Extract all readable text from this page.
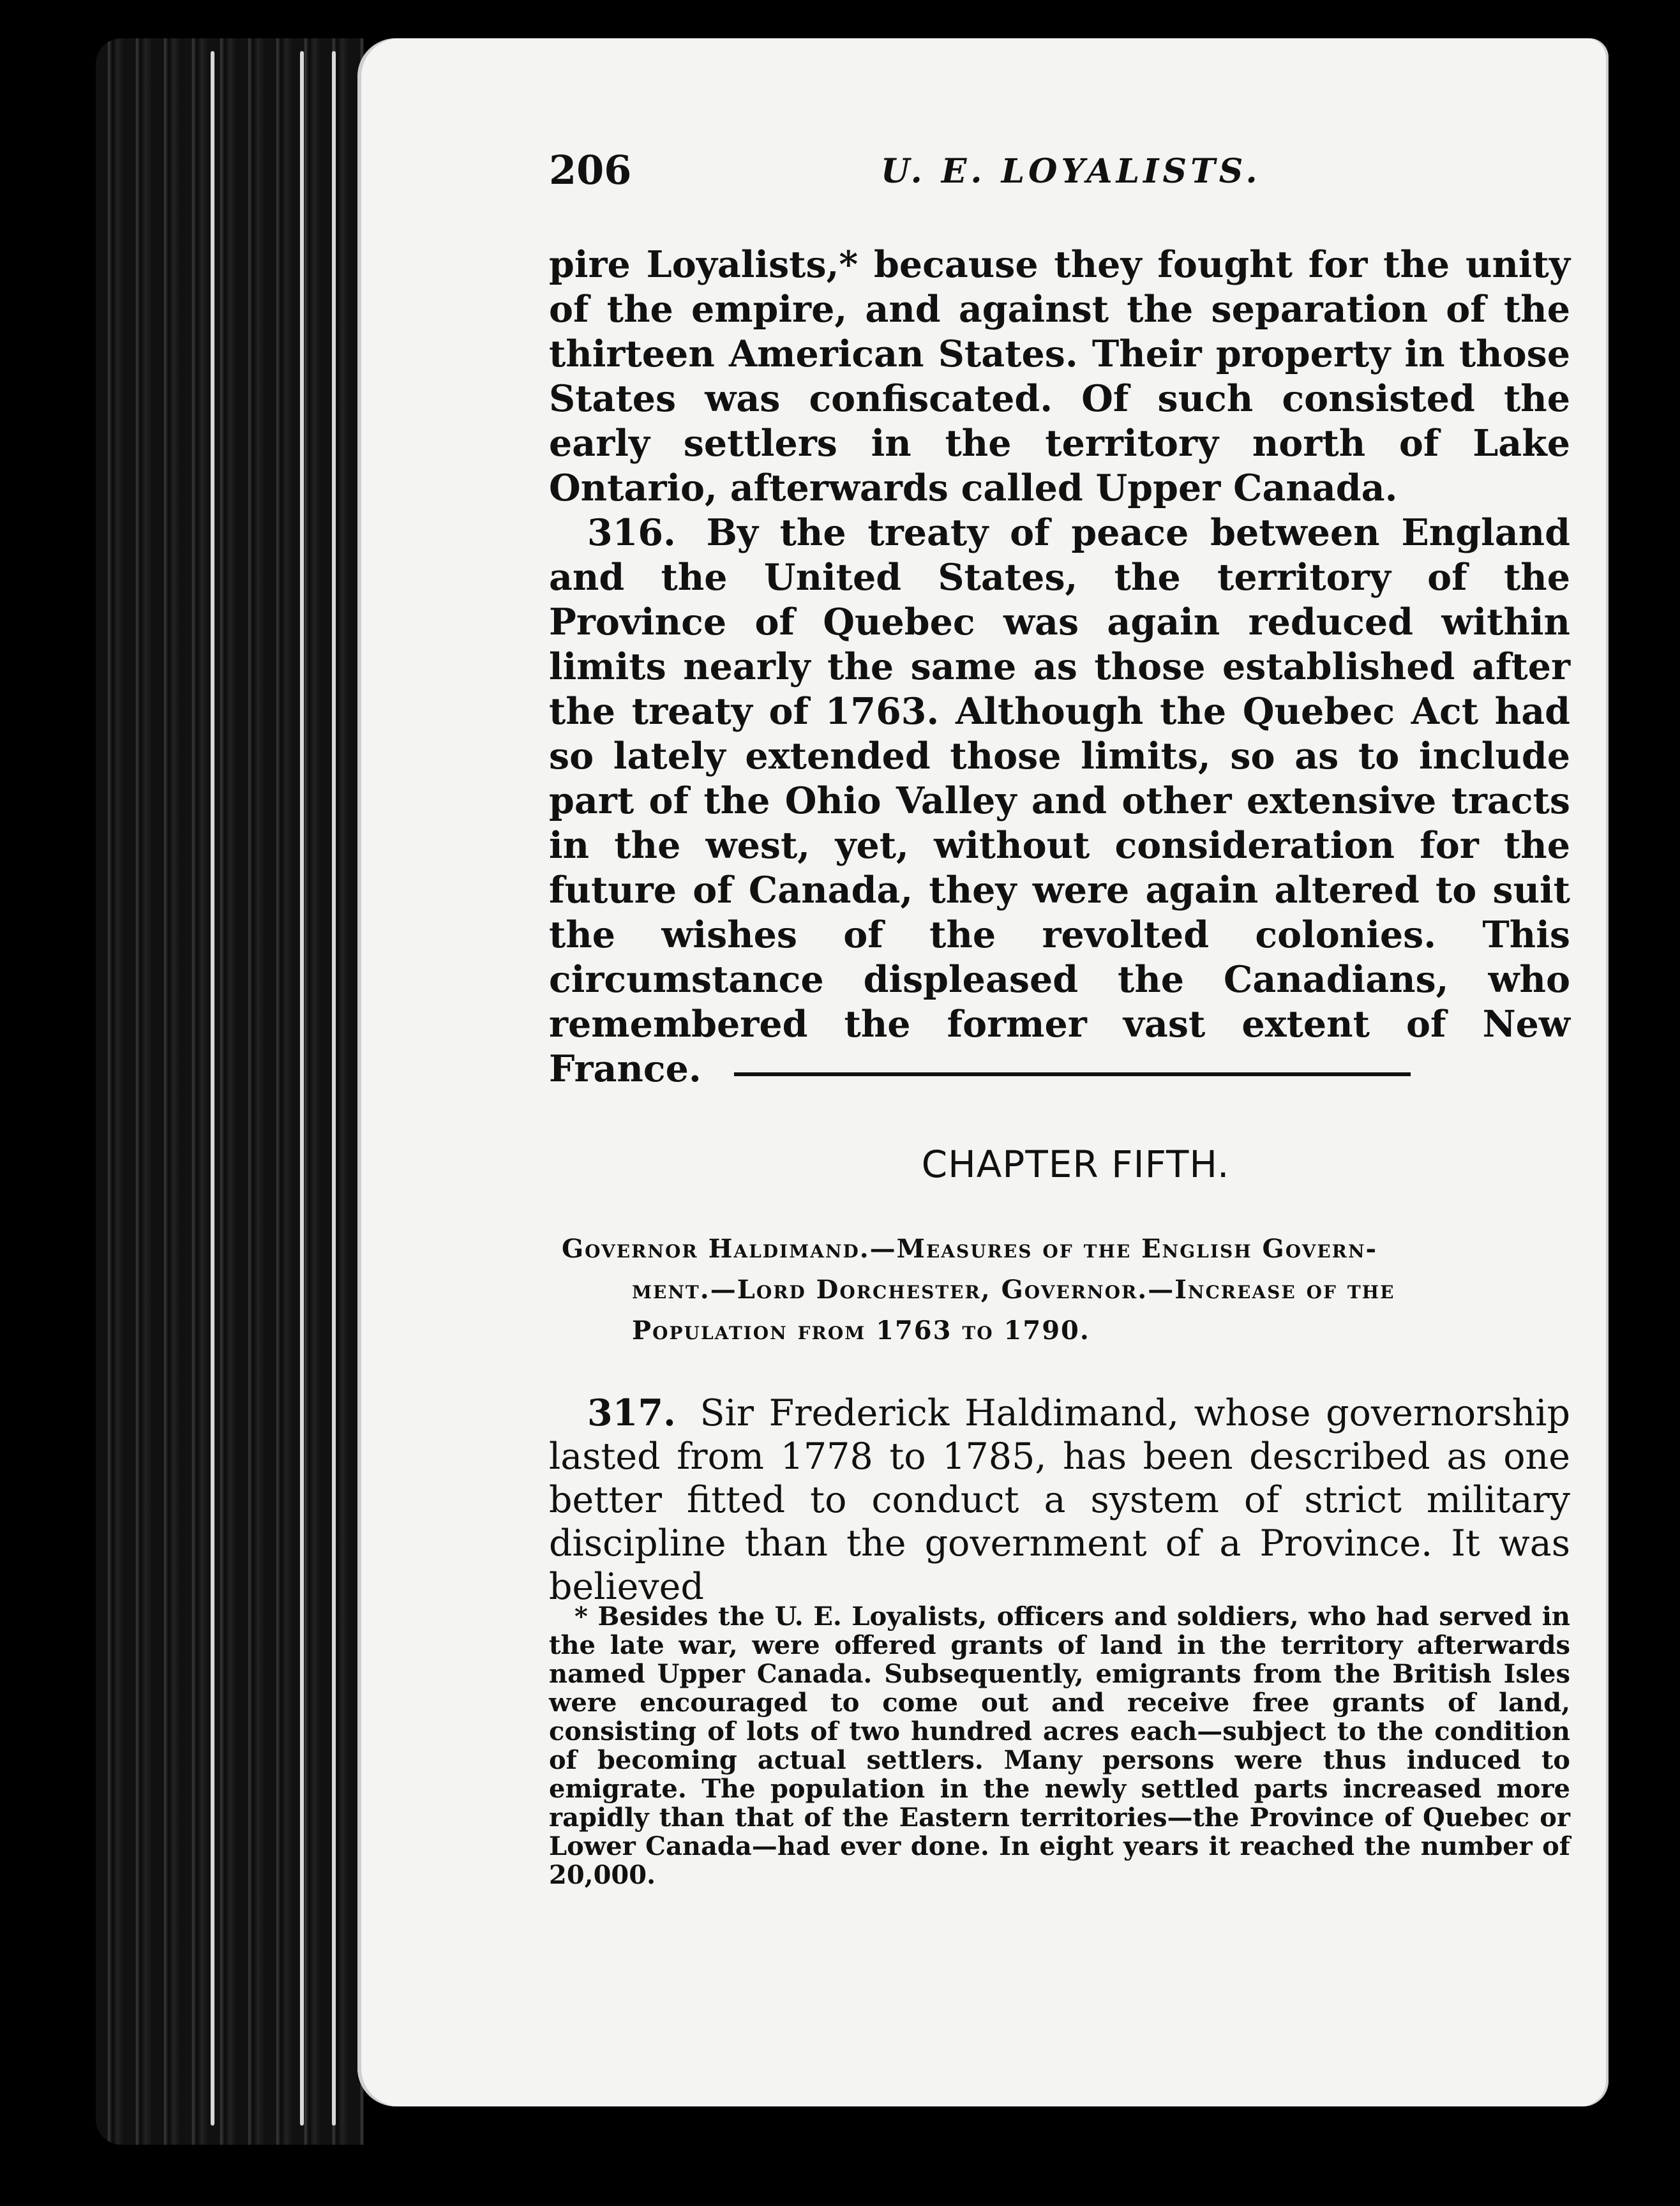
206	U. E. LOYALISTS.

pire Loyalists,* because they fought for the unity of the empire, and against the separation of the thirteen American States. Their property in those States was confiscated. Of such consisted the early settlers in the territory north of Lake Ontario, afterwards called Upper Canada.

316. By the treaty of peace between England and the United States, the territory of the Province of Quebec was again reduced within limits nearly the same as those established after the treaty of 1763. Although the Quebec Act had so lately extended those limits, so as to include part of the Ohio Valley and other extensive tracts in the west, yet, without consideration for the future of Canada, they were again altered to suit the wishes of the revolted colonies. This circumstance displeased the Canadians, who remembered the former vast extent of New France.

CHAPTER FIFTH.
Governor Haldimand.—Measures of the English Govern-
ment.—Lord Dorchester, Governor.—Increase of the
Population from 1763 to 1790.

317. Sir Frederick Haldimand, whose governorship lasted from 1778 to 1785, has been described as one better fitted to conduct a system of strict military discipline than the government of a Province. It was believed

* Besides the U. E. Loyalists, officers and soldiers, who had served in the late war, were offered grants of land in the territory afterwards named Upper Canada. Subsequently, emigrants from the British Isles were encouraged to come out and receive free grants of land, consisting of lots of two hundred acres each—subject to the condition of becoming actual settlers. Many persons were thus induced to emigrate. The population in the newly settled parts increased more rapidly than that of the Eastern territories—the Province of Quebec or Lower Canada—had ever done. In eight years it reached the number of 20,000.
